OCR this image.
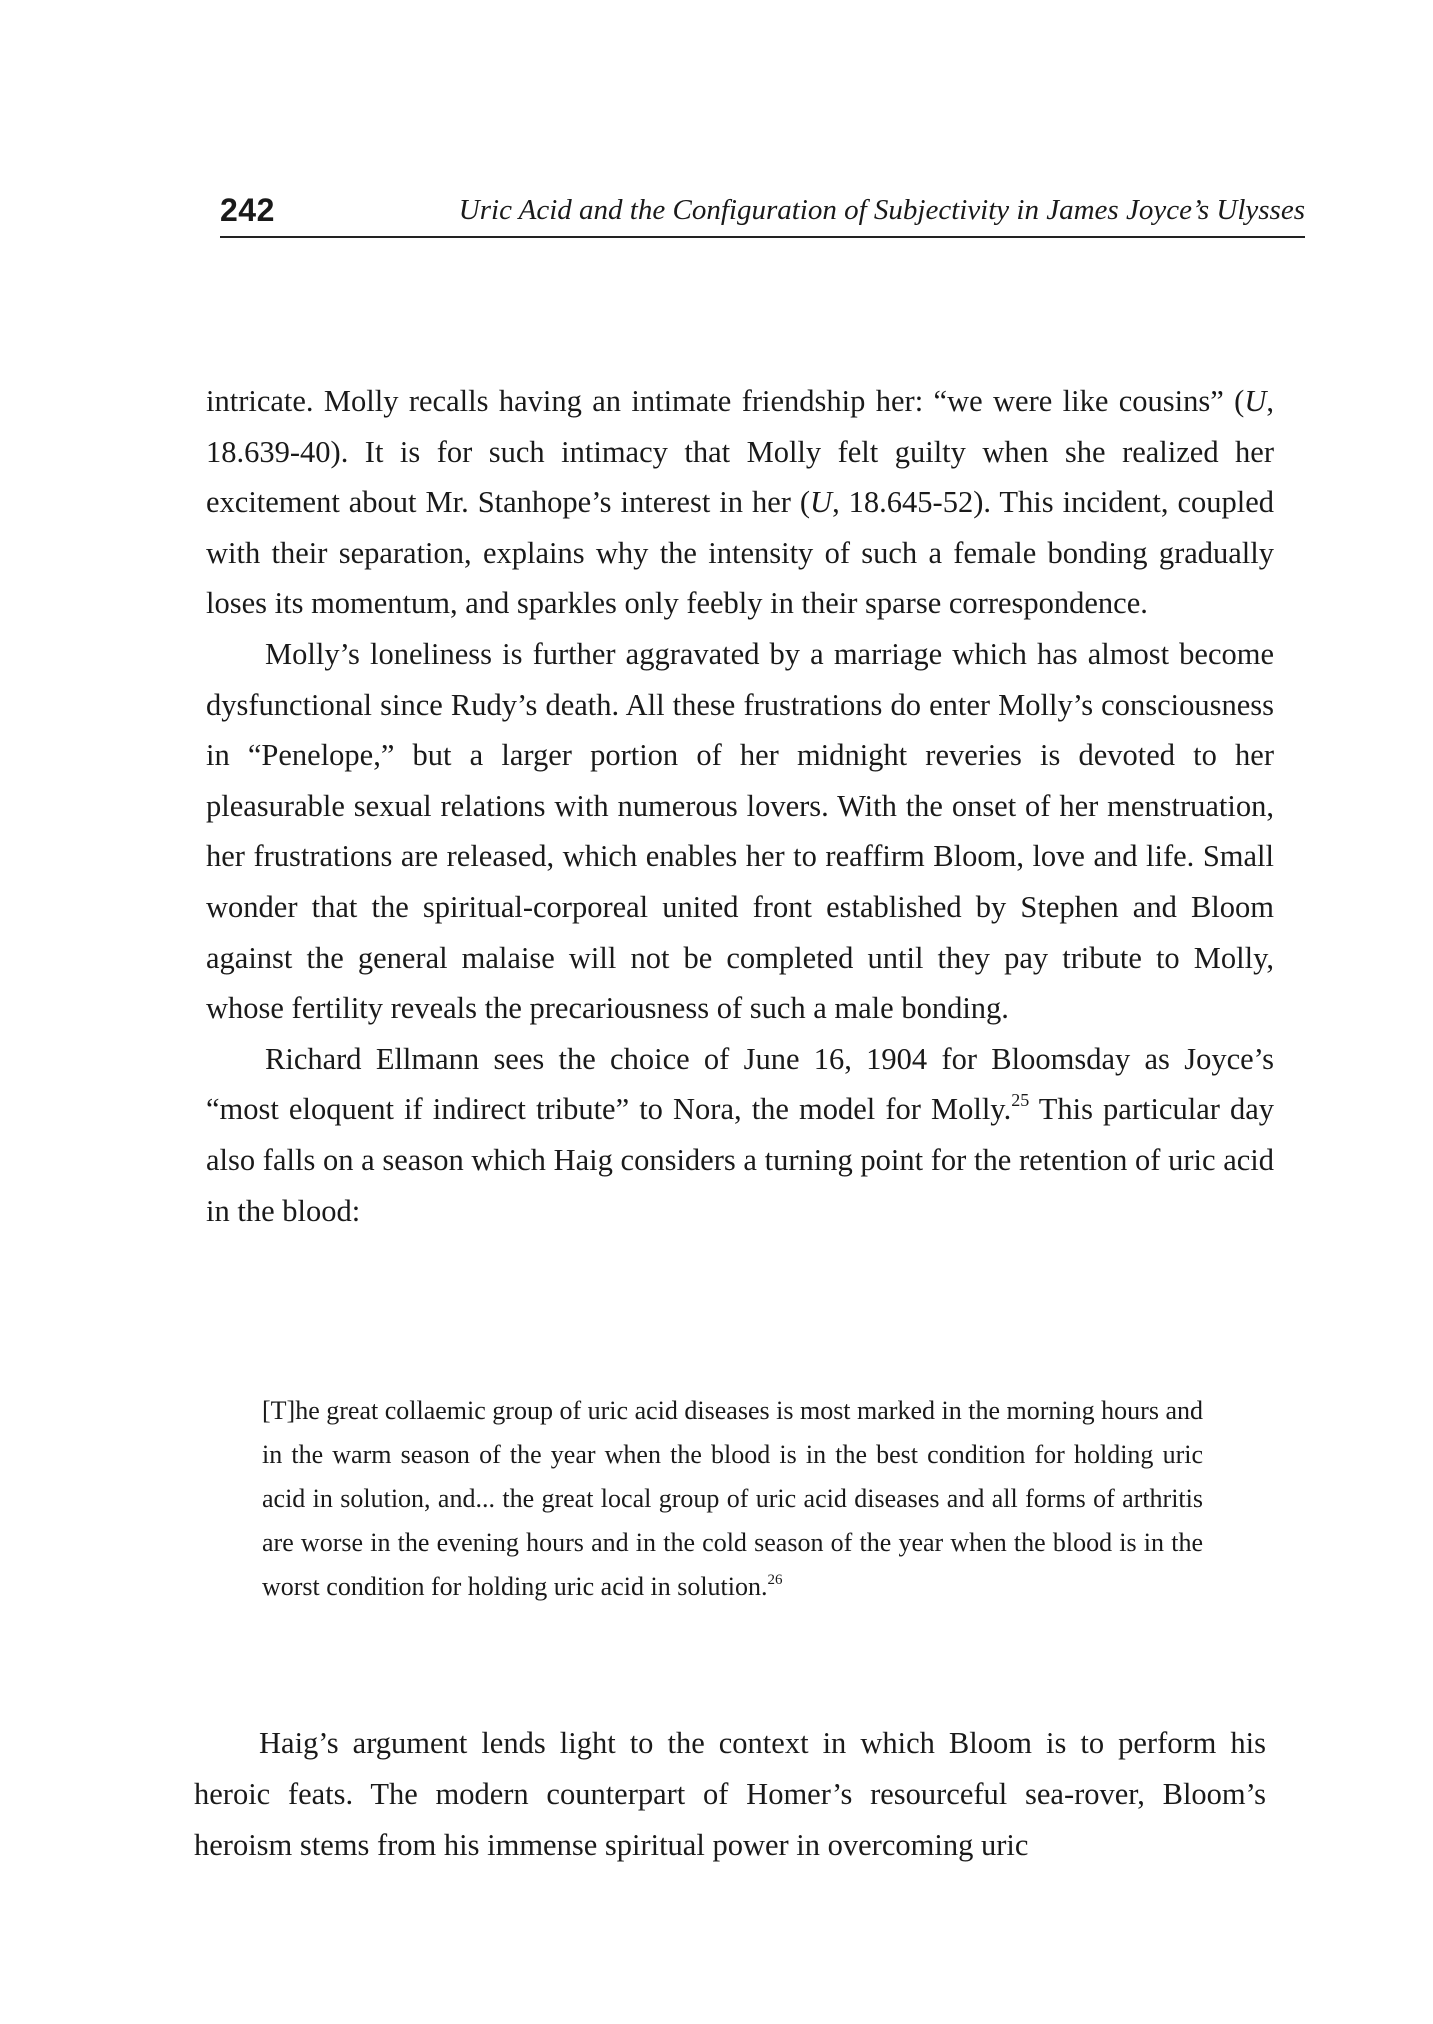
242	Uric Acid and the Configuration of Subjectivity in James Joyce’s Ulysses

intricate. Molly recalls having an intimate friendship her: “we were like cousins” (U, 18.639-40). It is for such intimacy that Molly felt guilty when she realized her excitement about Mr. Stanhope’s interest in her (U, 18.645-52). This incident, coupled with their separation, explains why the intensity of such a female bonding gradually loses its momentum, and sparkles only feebly in their sparse correspondence.

Molly’s loneliness is further aggravated by a marriage which has almost become dysfunctional since Rudy’s death. All these frustrations do enter Molly’s consciousness in “Penelope,” but a larger portion of her midnight reveries is devoted to her pleasurable sexual relations with numerous lovers. With the onset of her menstruation, her frustrations are released, which enables her to reaffirm Bloom, love and life. Small wonder that the spiritual-corporeal united front established by Stephen and Bloom against the general malaise will not be completed until they pay tribute to Molly, whose fertility reveals the precariousness of such a male bonding.

Richard Ellmann sees the choice of June 16, 1904 for Bloomsday as Joyce’s “most eloquent if indirect tribute” to Nora, the model for Molly.$^{25}$ This particular day also falls on a season which Haig considers a turning point for the retention of uric acid in the blood:

[T]he great collaemic group of uric acid diseases is most marked in the morning hours and in the warm season of the year when the blood is in the best condition for holding uric acid in solution, and... the great local group of uric acid diseases and all forms of arthritis are worse in the evening hours and in the cold season of the year when the blood is in the worst condition for holding uric acid in solution.$^{26}$

Haig’s argument lends light to the context in which Bloom is to perform his heroic feats. The modern counterpart of Homer’s resourceful sea-rover, Bloom’s heroism stems from his immense spiritual power in overcoming uric
